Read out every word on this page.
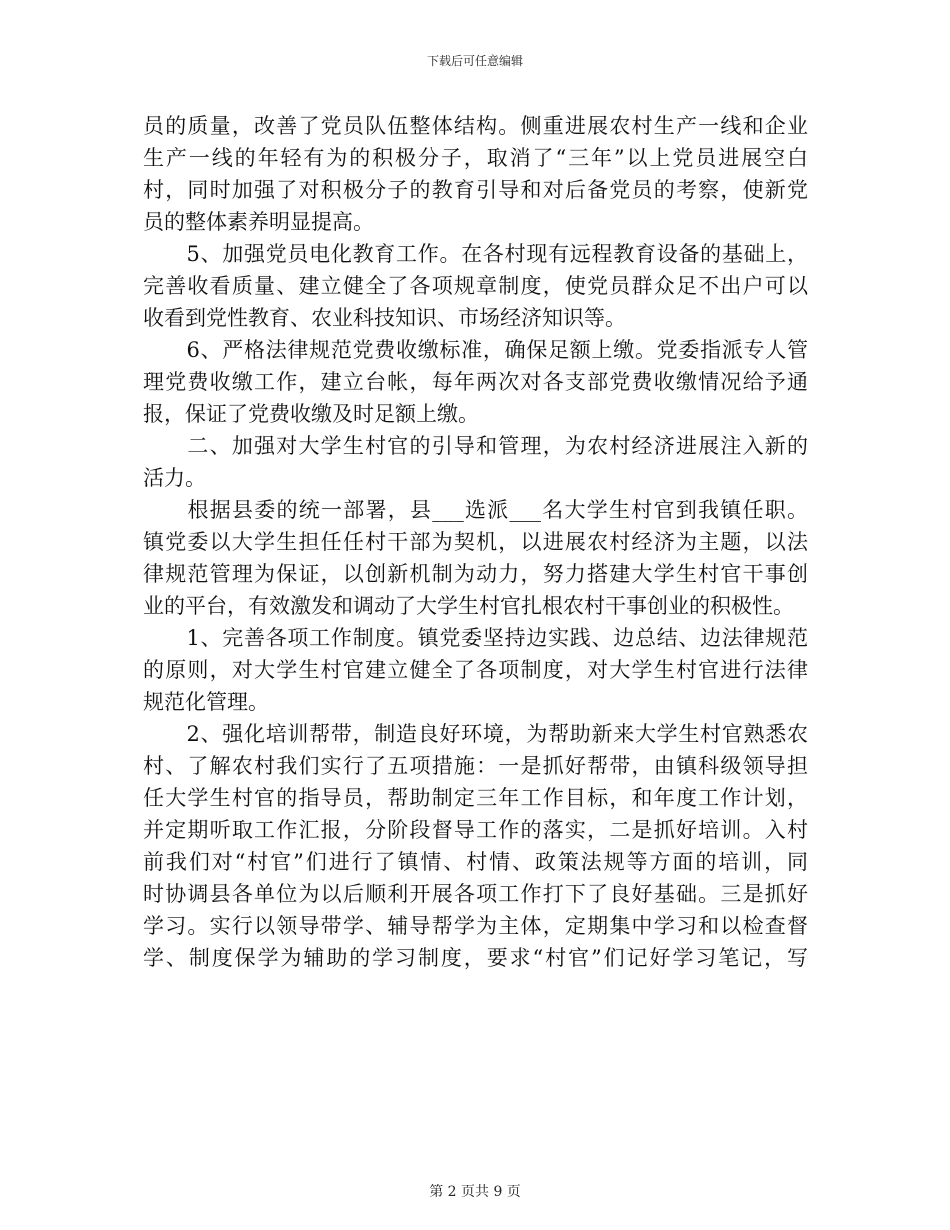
下载后可任意编辑
员的质量，改善了党员队伍整体结构。侧重进展农村生产一线和企业
生产一线的年轻有为的积极分子，取消了“三年”以上党员进展空白
村，同时加强了对积极分子的教育引导和对后备党员的考察，使新党
员的整体素养明显提高。
　　5、加强党员电化教育工作。在各村现有远程教育设备的基础上，
完善收看质量、建立健全了各项规章制度，使党员群众足不出户可以
收看到党性教育、农业科技知识、市场经济知识等。
　　6、严格法律规范党费收缴标准，确保足额上缴。党委指派专人管
理党费收缴工作，建立台帐，每年两次对各支部党费收缴情况给予通
报，保证了党费收缴及时足额上缴。
　　二、加强对大学生村官的引导和管理，为农村经济进展注入新的
活力。
　　根据县委的统一部署，县___选派___名大学生村官到我镇任职。
镇党委以大学生担任任村干部为契机，以进展农村经济为主题，以法
律规范管理为保证，以创新机制为动力，努力搭建大学生村官干事创
业的平台，有效激发和调动了大学生村官扎根农村干事创业的积极性。
　　1、完善各项工作制度。镇党委坚持边实践、边总结、边法律规范
的原则，对大学生村官建立健全了各项制度，对大学生村官进行法律
规范化管理。
　　2、强化培训帮带，制造良好环境，为帮助新来大学生村官熟悉农
村、了解农村我们实行了五项措施：一是抓好帮带，由镇科级领导担
任大学生村官的指导员，帮助制定三年工作目标，和年度工作计划，
并定期听取工作汇报，分阶段督导工作的落实，二是抓好培训。入村
前我们对“村官”们进行了镇情、村情、政策法规等方面的培训，同
时协调县各单位为以后顺利开展各项工作打下了良好基础。三是抓好
学习。实行以领导带学、辅导帮学为主体，定期集中学习和以检查督
学、制度保学为辅助的学习制度，要求“村官”们记好学习笔记，写
第 2 页共 9 页
